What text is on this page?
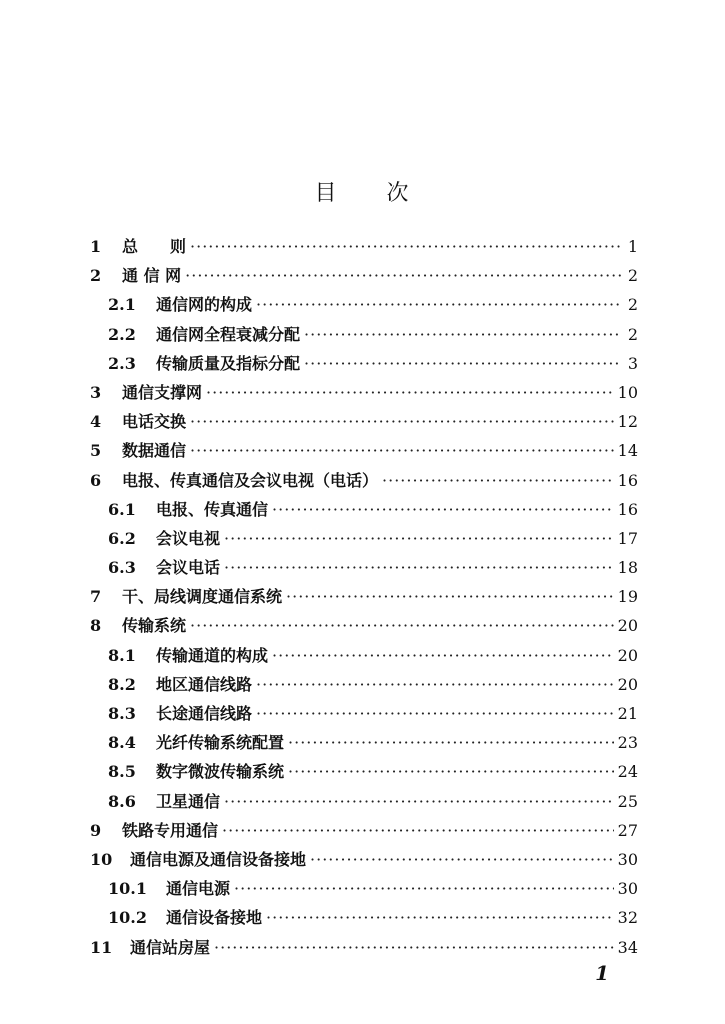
目 次
1	总　　则 ·····	1
2	通 信 网 ·····	2
2.1	通信网的构成 ·····	2
2.2	通信网全程衰减分配 ·····	2
2.3	传输质量及指标分配 ·····	3
3	通信支撑网 ·····	10
4	电话交换 ·····	12
5	数据通信 ·····	14
6	电报、传真通信及会议电视（电话） ·····	16
6.1	电报、传真通信 ·····	16
6.2	会议电视 ·····	17
6.3	会议电话 ·····	18
7	干、局线调度通信系统 ·····	19
8	传输系统 ·····	20
8.1	传输通道的构成 ·····	20
8.2	地区通信线路 ·····	20
8.3	长途通信线路 ·····	21
8.4	光纤传输系统配置 ·····	23
8.5	数字微波传输系统 ·····	24
8.6	卫星通信 ·····	25
9	铁路专用通信 ·····	27
10	通信电源及通信设备接地 ·····	30
10.1	通信电源 ·····	30
10.2	通信设备接地 ·····	32
11	通信站房屋 ·····	34
1
